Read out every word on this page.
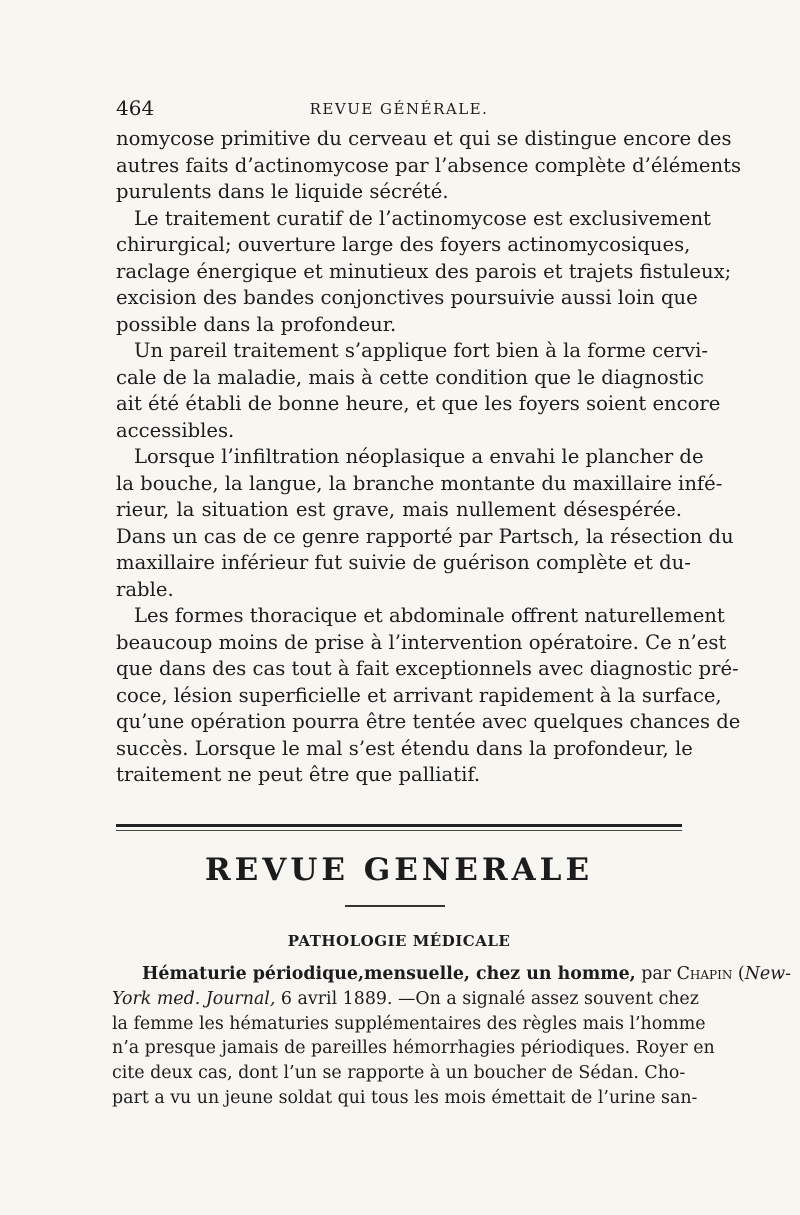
464	REVUE GÉNÉRALE.
nomycose primitive du cerveau et qui se distingue encore des
autres faits d’actinomycose par l’absence complète d’éléments
purulents dans le liquide sécrété.
Le traitement curatif de l’actinomycose est exclusivement
chirurgical; ouverture large des foyers actinomycosiques,
raclage énergique et minutieux des parois et trajets fistuleux;
excision des bandes conjonctives poursuivie aussi loin que
possible dans la profondeur.
Un pareil traitement s’applique fort bien à la forme cervi-
cale de la maladie, mais à cette condition que le diagnostic
ait été établi de bonne heure, et que les foyers soient encore
accessibles.
Lorsque l’infiltration néoplasique a envahi le plancher de
la bouche, la langue, la branche montante du maxillaire infé-
rieur, la situation est grave, mais nullement désespérée.
Dans un cas de ce genre rapporté par Partsch, la résection du
maxillaire inférieur fut suivie de guérison complète et du-
rable.
Les formes thoracique et abdominale offrent naturellement
beaucoup moins de prise à l’intervention opératoire. Ce n’est
que dans des cas tout à fait exceptionnels avec diagnostic pré-
coce, lésion superficielle et arrivant rapidement à la surface,
qu’une opération pourra être tentée avec quelques chances de
succès. Lorsque le mal s’est étendu dans la profondeur, le
traitement ne peut être que palliatif.
REVUE GENERALE
PATHOLOGIE MÉDICALE
Hématurie périodique,mensuelle, chez un homme, par Chapin (New-
York med. Journal, 6 avril 1889. —On a signalé assez souvent chez
la femme les hématuries supplémentaires des règles mais l’homme
n’a presque jamais de pareilles hémorrhagies périodiques. Royer en
cite deux cas, dont l’un se rapporte à un boucher de Sédan. Cho-
part a vu un jeune soldat qui tous les mois émettait de l’urine san-
